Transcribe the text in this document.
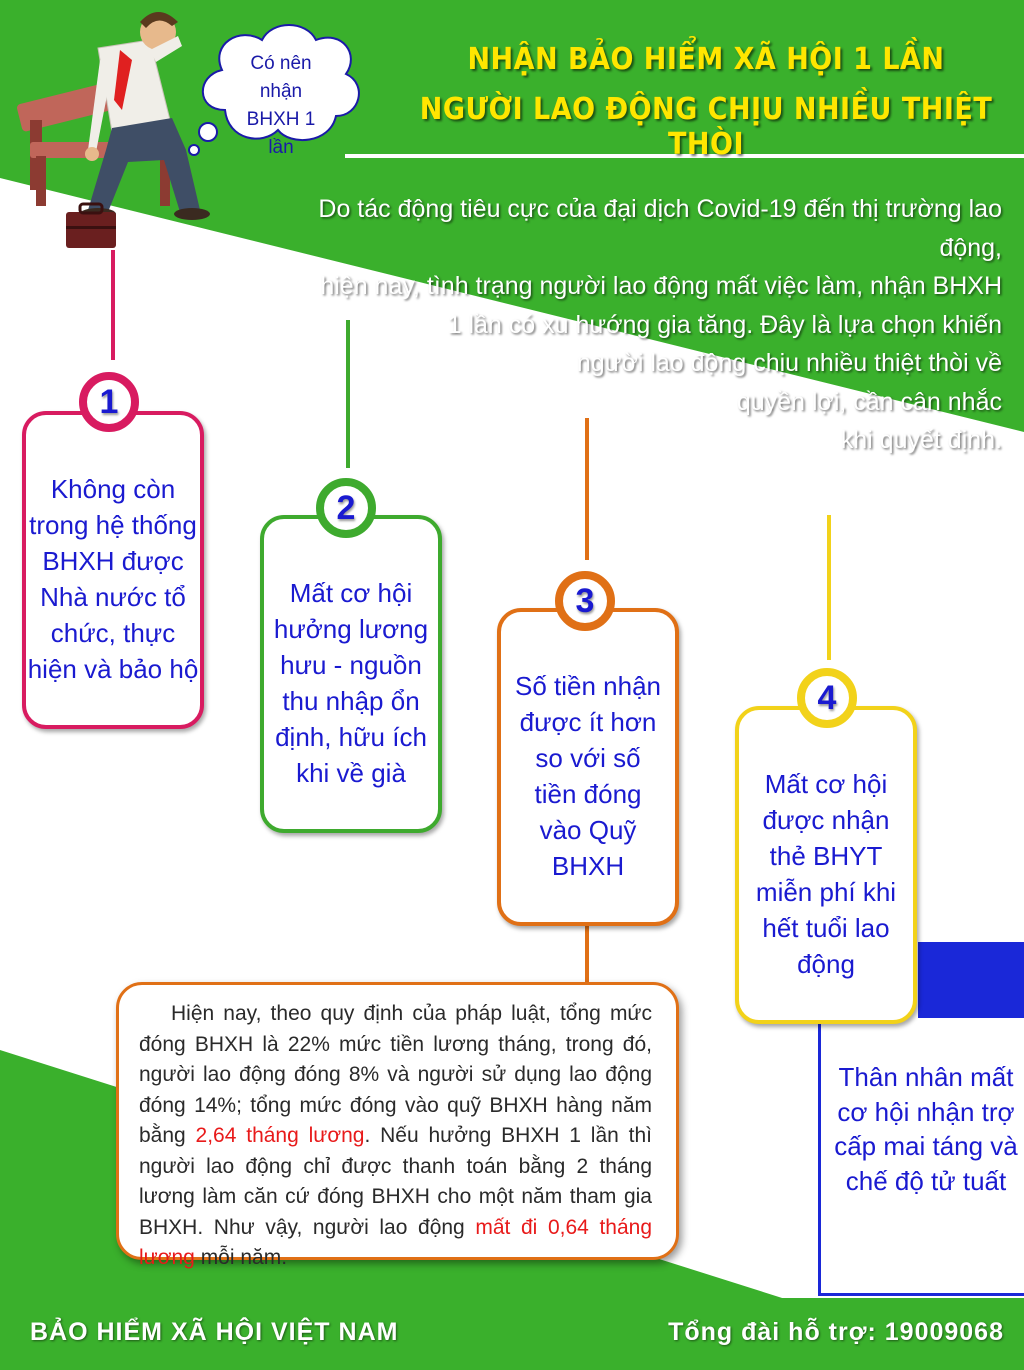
Có nên nhận BHXH 1 lần
NHẬN BẢO HIỂM XÃ HỘI 1 LẦN
NGƯỜI LAO ĐỘNG CHỊU NHIỀU THIỆT THÒI
Do tác động tiêu cực của đại dịch Covid-19 đến thị trường lao động,
hiện nay, tình trạng người lao động mất việc làm, nhận BHXH
1 lần có xu hướng gia tăng. Đây là lựa chọn khiến
người lao động chịu nhiều thiệt thòi về
quyền lợi, cần cân nhắc
khi quyết định.
Không còn trong hệ thống BHXH được Nhà nước tổ chức, thực hiện và bảo hộ
1
Mất cơ hội hưởng lương hưu - nguồn thu nhập ổn định, hữu ích khi về già
2
Số tiền nhận được ít hơn so với số tiền đóng vào Quỹ BHXH
3
Mất cơ hội được nhận thẻ BHYT miễn phí khi hết tuổi lao động
4
Thân nhân mất cơ hội nhận trợ cấp mai táng và chế độ tử tuất
Hiện nay, theo quy định của pháp luật, tổng mức đóng BHXH là 22% mức tiền lương tháng, trong đó, người lao động đóng 8% và người sử dụng lao động đóng 14%; tổng mức đóng vào quỹ BHXH hàng năm bằng 2,64 tháng lương. Nếu hưởng BHXH 1 lần thì người lao động chỉ được thanh toán bằng 2 tháng lương làm căn cứ đóng BHXH cho một năm tham gia BHXH. Như vậy, người lao động mất đi 0,64 tháng lương mỗi năm.
BẢO HIỂM XÃ HỘI VIỆT NAM	Tổng đài hỗ trợ: 19009068
